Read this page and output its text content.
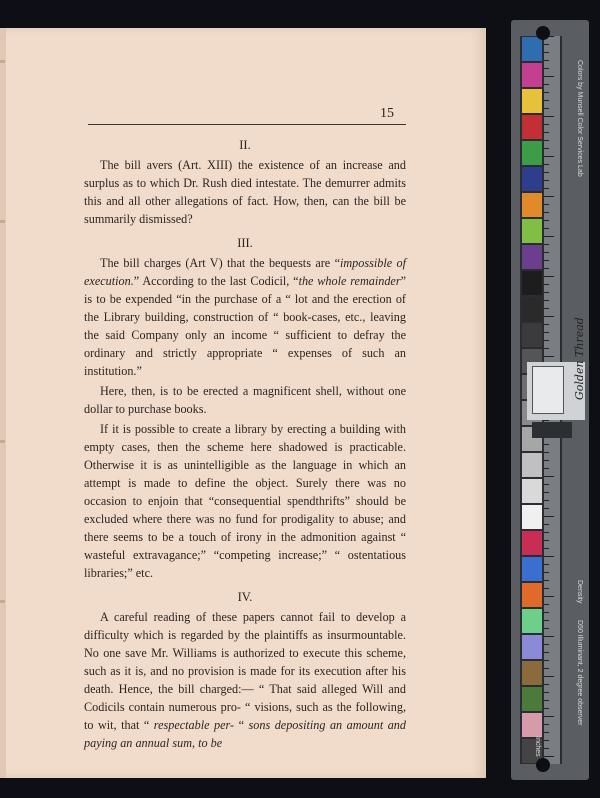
15
II.

The bill avers (Art. XIII) the existence of an increase and surplus as to which Dr. Rush died intestate. The demurrer admits this and all other allegations of fact. How, then, can the bill be summarily dismissed?

III.

The bill charges (Art V) that the bequests are “impossible of execution.” According to the last Codicil, “the whole remainder” is to be expended “in the purchase of a “ lot and the erection of the Library building, construction of “ book-cases, etc., leaving the said Company only an income “ sufficient to defray the ordinary and strictly appropriate “ expenses of such an institution.”

Here, then, is to be erected a magnificent shell, without one dollar to purchase books.

If it is possible to create a library by erecting a building with empty cases, then the scheme here shadowed is practicable. Otherwise it is as unintelligible as the language in which an attempt is made to define the object. Surely there was no occasion to enjoin that “consequential spendthrifts” should be excluded where there was no fund for prodigality to abuse; and there seems to be a touch of irony in the admonition against “ wasteful extravagance;” “competing increase;” “ ostentatious libraries;” etc.

IV.

A careful reading of these papers cannot fail to develop a difficulty which is regarded by the plaintiffs as insurmountable. No one save Mr. Williams is authorized to execute this scheme, such as it is, and no provision is made for its execution after his death. Hence, the bill charged:— “ That said alleged Will and Codicils contain numerous pro- “ visions, such as the following, to wit, that “ respectable per- “ sons depositing an amount and paying an annual sum, to be

Colors by Munsell Color Services Lab
Density
D50 Illuminant, 2 degree observer
Inches
Golden Thread
